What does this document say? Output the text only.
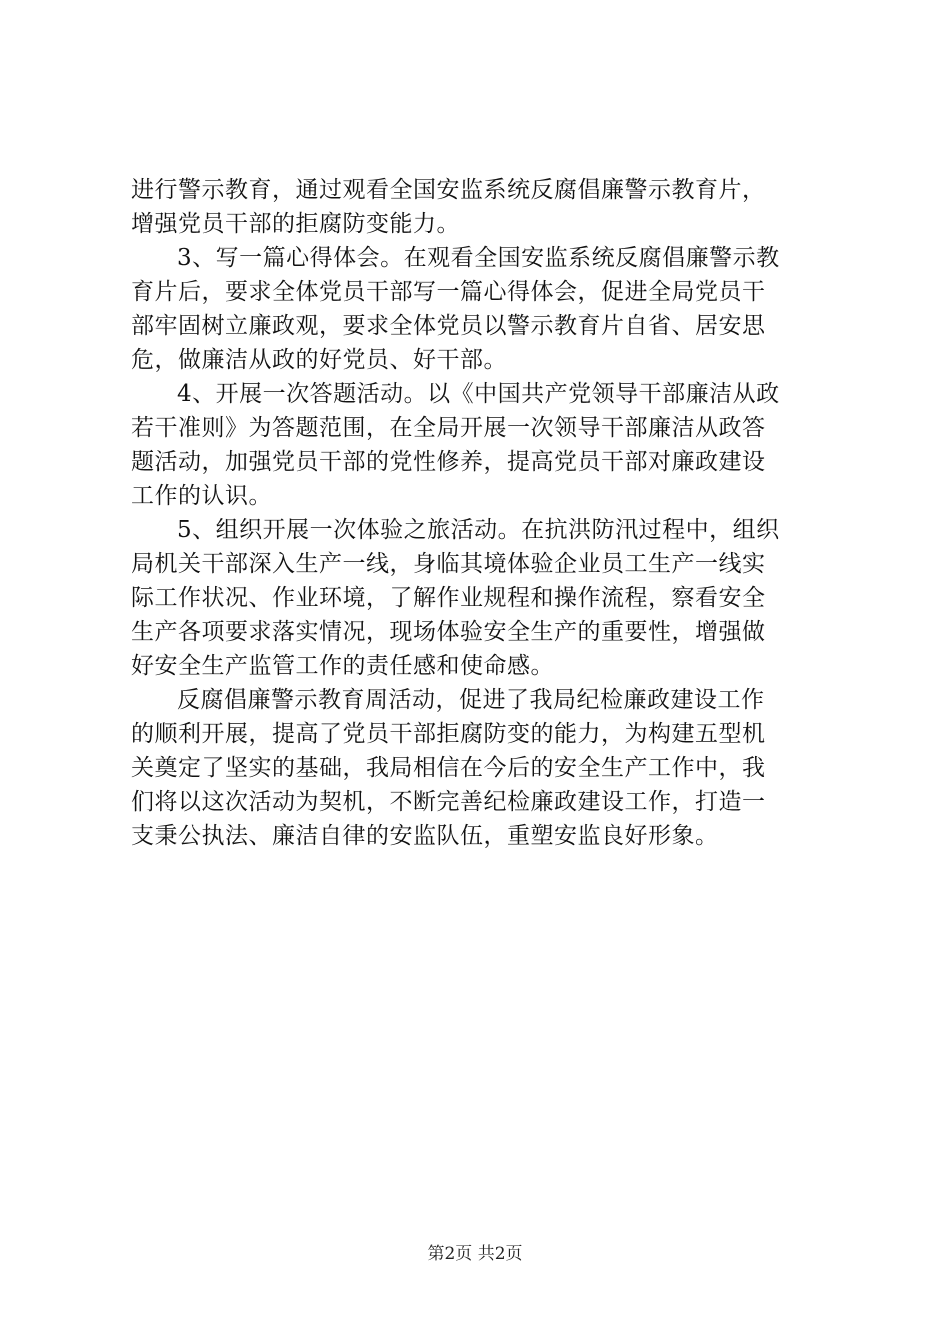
进行警示教育，通过观看全国安监系统反腐倡廉警示教育片，
增强党员干部的拒腐防变能力。
3、写一篇心得体会。在观看全国安监系统反腐倡廉警示教
育片后，要求全体党员干部写一篇心得体会，促进全局党员干
部牢固树立廉政观，要求全体党员以警示教育片自省、居安思
危，做廉洁从政的好党员、好干部。
4、开展一次答题活动。以《中国共产党领导干部廉洁从政
若干准则》为答题范围，在全局开展一次领导干部廉洁从政答
题活动，加强党员干部的党性修养，提高党员干部对廉政建设
工作的认识。
5、组织开展一次体验之旅活动。在抗洪防汛过程中，组织
局机关干部深入生产一线，身临其境体验企业员工生产一线实
际工作状况、作业环境，了解作业规程和操作流程，察看安全
生产各项要求落实情况，现场体验安全生产的重要性，增强做
好安全生产监管工作的责任感和使命感。
反腐倡廉警示教育周活动，促进了我局纪检廉政建设工作
的顺利开展，提高了党员干部拒腐防变的能力，为构建五型机
关奠定了坚实的基础，我局相信在今后的安全生产工作中，我
们将以这次活动为契机，不断完善纪检廉政建设工作，打造一
支秉公执法、廉洁自律的安监队伍，重塑安监良好形象。
第2页 共2页
